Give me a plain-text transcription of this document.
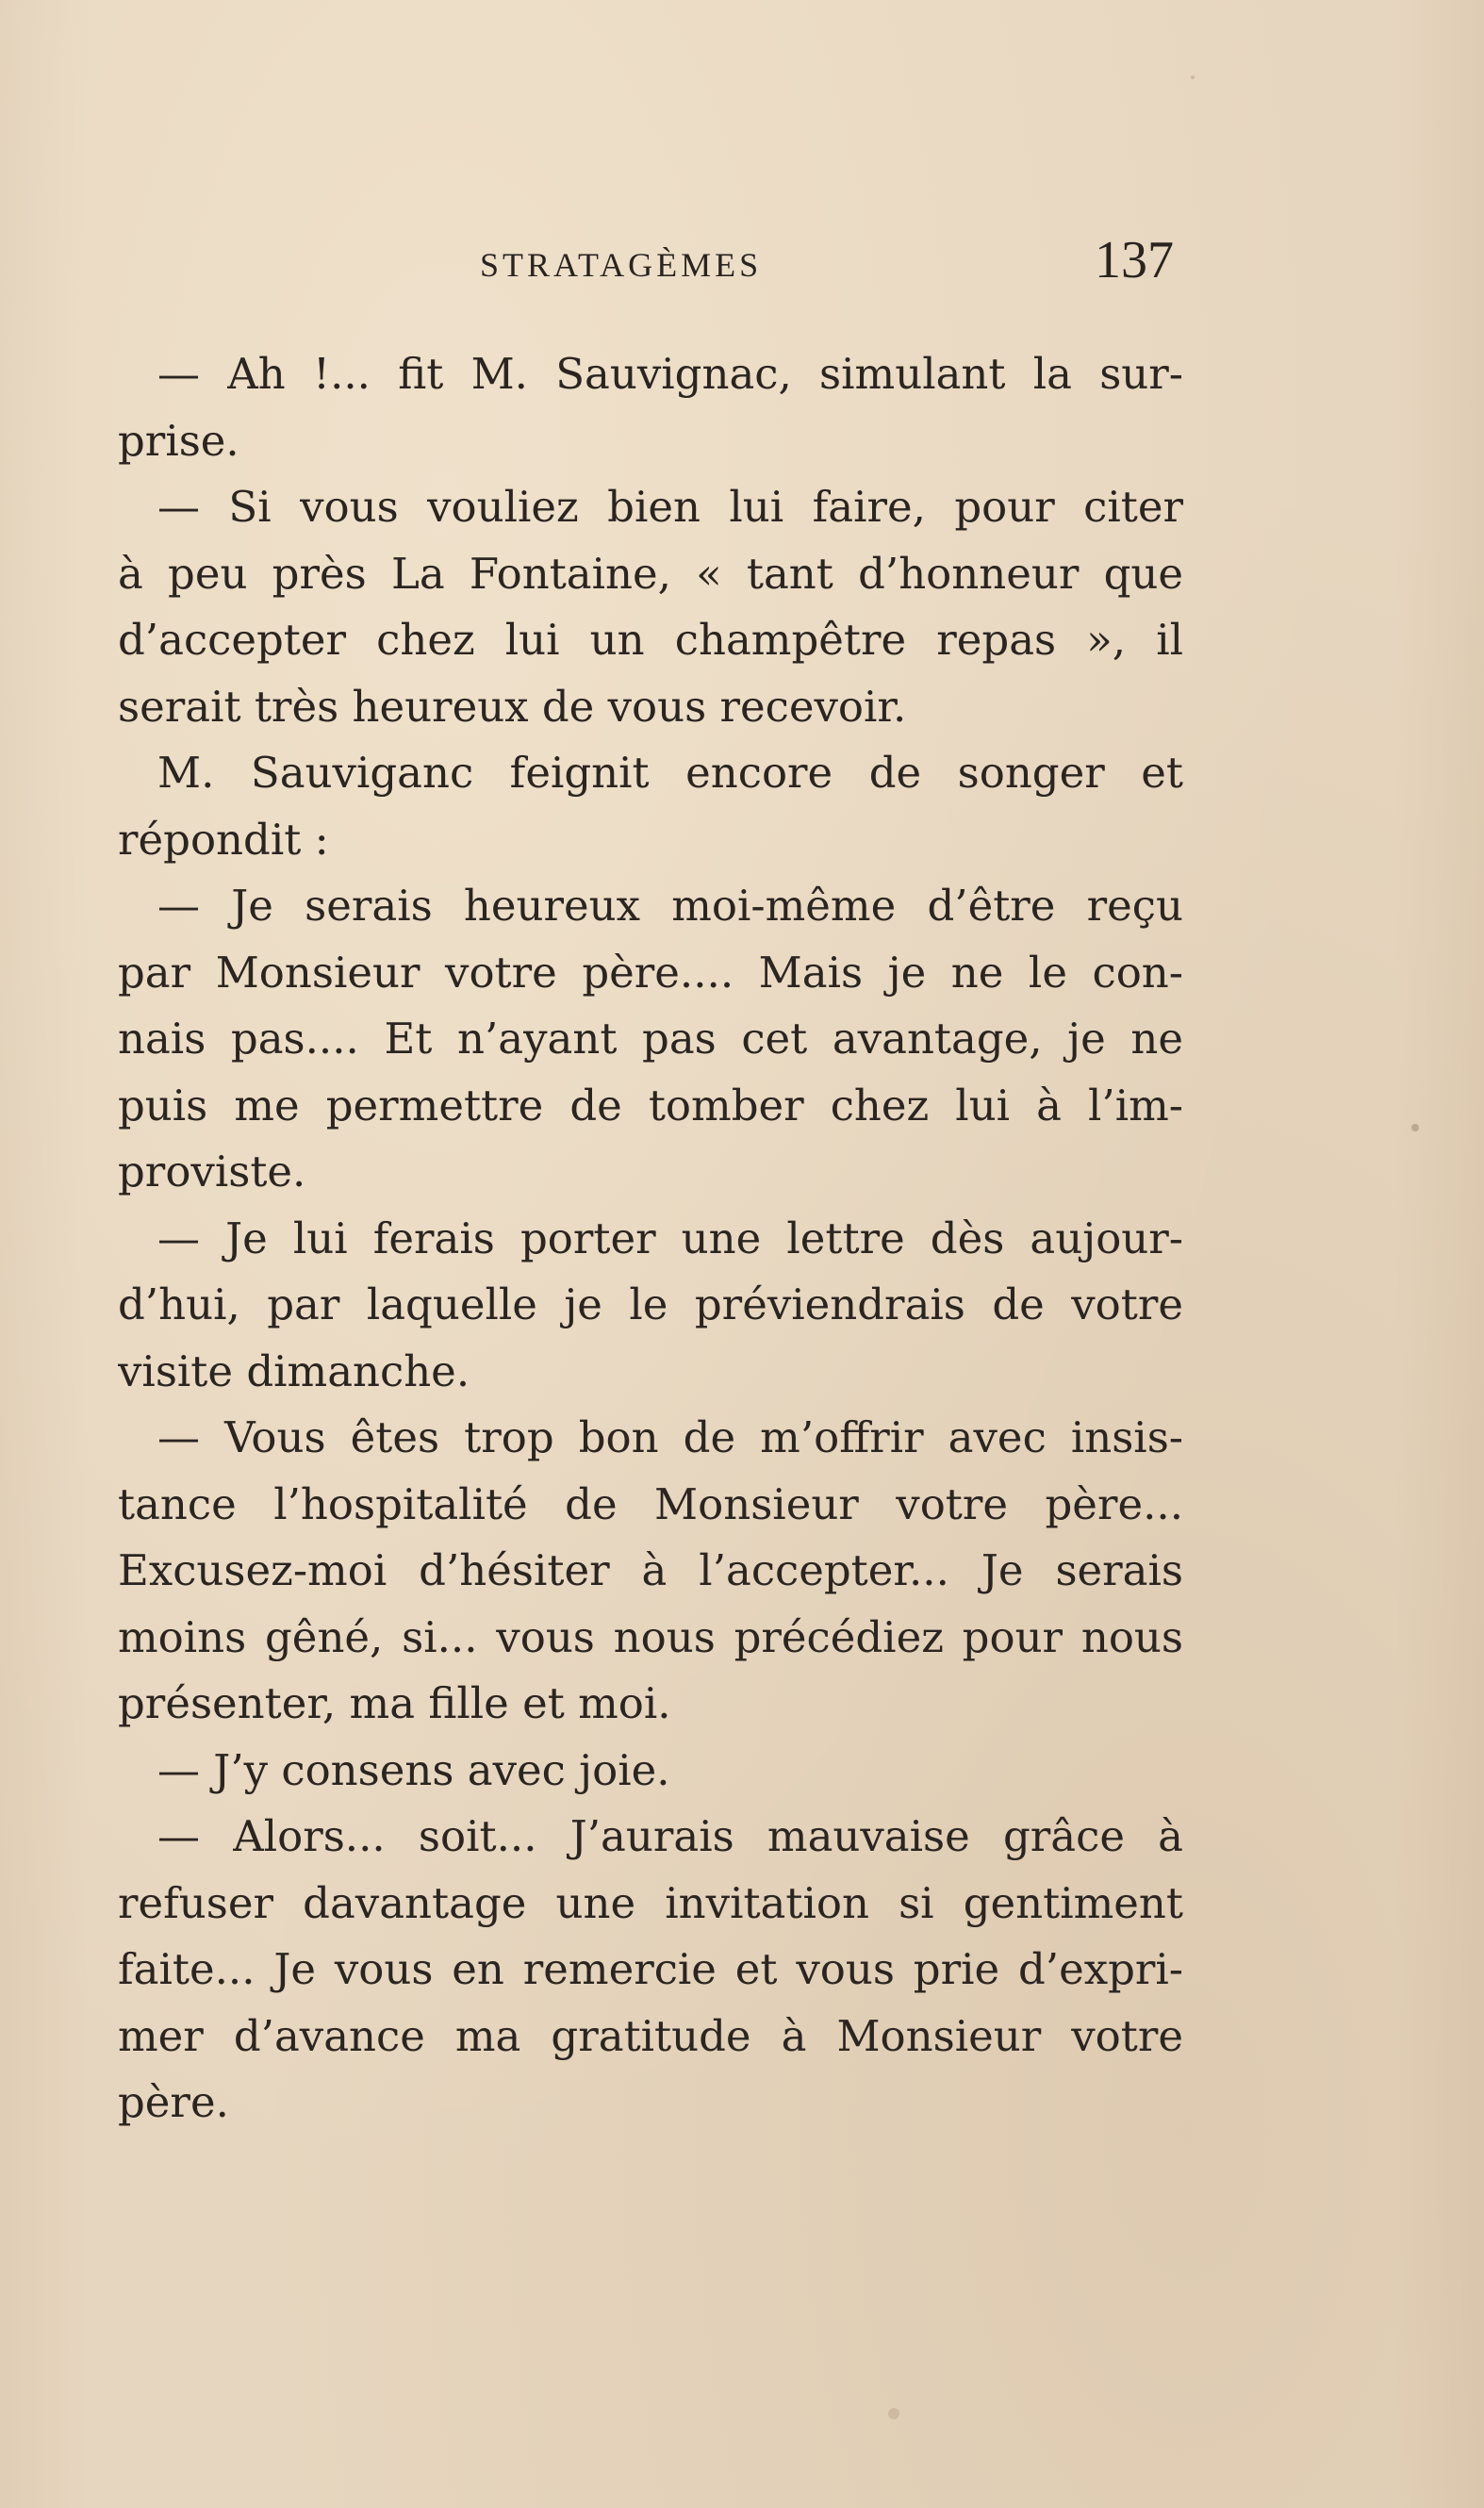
STRATAGÈMES	137
— Ah !... fit M. Sauvignac, simulant la sur-
prise.
— Si vous vouliez bien lui faire, pour citer
à peu près La Fontaine, « tant d’honneur que
d’accepter chez lui un champêtre repas », il
serait très heureux de vous recevoir.
M. Sauviganc feignit encore de songer et
répondit :
— Je serais heureux moi-même d’être reçu
par Monsieur votre père.... Mais je ne le con-
nais pas.... Et n’ayant pas cet avantage, je ne
puis me permettre de tomber chez lui à l’im-
proviste.
— Je lui ferais porter une lettre dès aujour-
d’hui, par laquelle je le préviendrais de votre
visite dimanche.
— Vous êtes trop bon de m’offrir avec insis-
tance l’hospitalité de Monsieur votre père...
Excusez-moi d’hésiter à l’accepter... Je serais
moins gêné, si... vous nous précédiez pour nous
présenter, ma fille et moi.
— J’y consens avec joie.
— Alors... soit... J’aurais mauvaise grâce à
refuser davantage une invitation si gentiment
faite... Je vous en remercie et vous prie d’expri-
mer d’avance ma gratitude à Monsieur votre
père.
